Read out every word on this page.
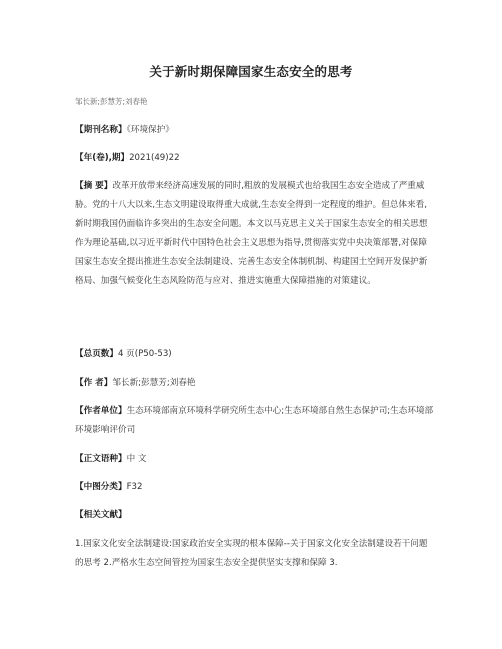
关于新时期保障国家生态安全的思考
邹长新;彭慧芳;刘春艳
【期刊名称】《环境保护》
【年(卷),期】2021(49)22
【摘 要】改革开放带来经济高速发展的同时,粗放的发展模式也给我国生态安全造成了严重威胁。党的十八大以来,生态文明建设取得重大成就,生态安全得到一定程度的维护。但总体来看,新时期我国仍面临许多突出的生态安全问题。本文以马克思主义关于国家生态安全的相关思想作为理论基础,以习近平新时代中国特色社会主义思想为指导,贯彻落实党中央决策部署,对保障国家生态安全提出推进生态安全法制建设、完善生态安全体制机制、构建国土空间开发保护新格局、加强气候变化生态风险防范与应对、推进实施重大保障措施的对策建议。
【总页数】4 页(P50-53)
【作 者】邹长新;彭慧芳;刘春艳
【作者单位】生态环境部南京环境科学研究所生态中心;生态环境部自然生态保护司;生态环境部环境影响评价司
【正文语种】中 文
【中图分类】F32
【相关文献】
1.国家文化安全法制建设:国家政治安全实现的根本保障--关于国家文化安全法制建设若干问题的思考 2.严格水生态空间管控为国家生态安全提供坚实支撑和保障 3.
